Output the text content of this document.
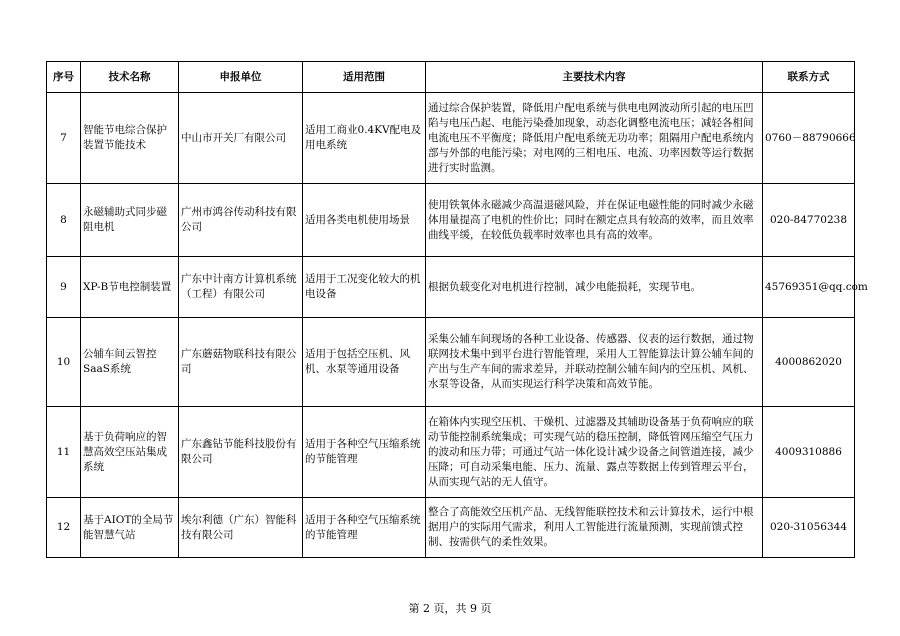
序号	技术名称	申报单位	适用范围	主要技术内容	联系方式
7	智能节电综合保护装置节能技术	中山市开关厂有限公司	适用工商业0.4KV配电及用电系统	通过综合保护装置，降低用户配电系统与供电电网波动所引起的电压凹陷与电压凸起、电能污染叠加现象，动态化调整电流电压；减轻各相间电流电压不平衡度；降低用户配电系统无功功率；阻隔用户配电系统内部与外部的电能污染；对电网的三相电压、电流、功率因数等运行数据进行实时监测。	0760－88790666
8	永磁辅助式同步磁阻电机	广州市鸿谷传动科技有限公司	适用各类电机使用场景	使用铁氧体永磁减少高温退磁风险，并在保证电磁性能的同时减少永磁体用量提高了电机的性价比；同时在额定点具有较高的效率，而且效率曲线平缓，在较低负载率时效率也具有高的效率。	020-84770238
9	XP-B节电控制装置	广东中计南方计算机系统（工程）有限公司	适用于工况变化较大的机电设备	根据负载变化对电机进行控制，减少电能损耗，实现节电。	45769351@qq.com
10	公辅车间云智控SaaS系统	广东蘑菇物联科技有限公司	适用于包括空压机、风机、水泵等通用设备	采集公辅车间现场的各种工业设备、传感器、仪表的运行数据，通过物联网技术集中到平台进行智能管理，采用人工智能算法计算公辅车间的产出与生产车间的需求差异，并联动控制公辅车间内的空压机、风机、水泵等设备，从而实现运行科学决策和高效节能。	4000862020
11	基于负荷响应的智慧高效空压站集成系统	广东鑫钻节能科技股份有限公司	适用于各种空气压缩系统的节能管理	在箱体内实现空压机、干燥机、过滤器及其辅助设备基于负荷响应的联动节能控制系统集成；可实现气站的稳压控制，降低管网压缩空气压力的波动和压力带；可通过气站一体化设计减少设备之间管道连接，减少压降；可自动采集电能、压力、流量、露点等数据上传到管理云平台，从而实现气站的无人值守。	4009310886
12	基于AIOT的全局节能智慧气站	埃尔利德（广东）智能科技有限公司	适用于各种空气压缩系统的节能管理	整合了高能效空压机产品、无线智能联控技术和云计算技术，运行中根据用户的实际用气需求，利用人工智能进行流量预测，实现前馈式控制、按需供气的柔性效果。	020-31056344
第 2 页，共 9 页
